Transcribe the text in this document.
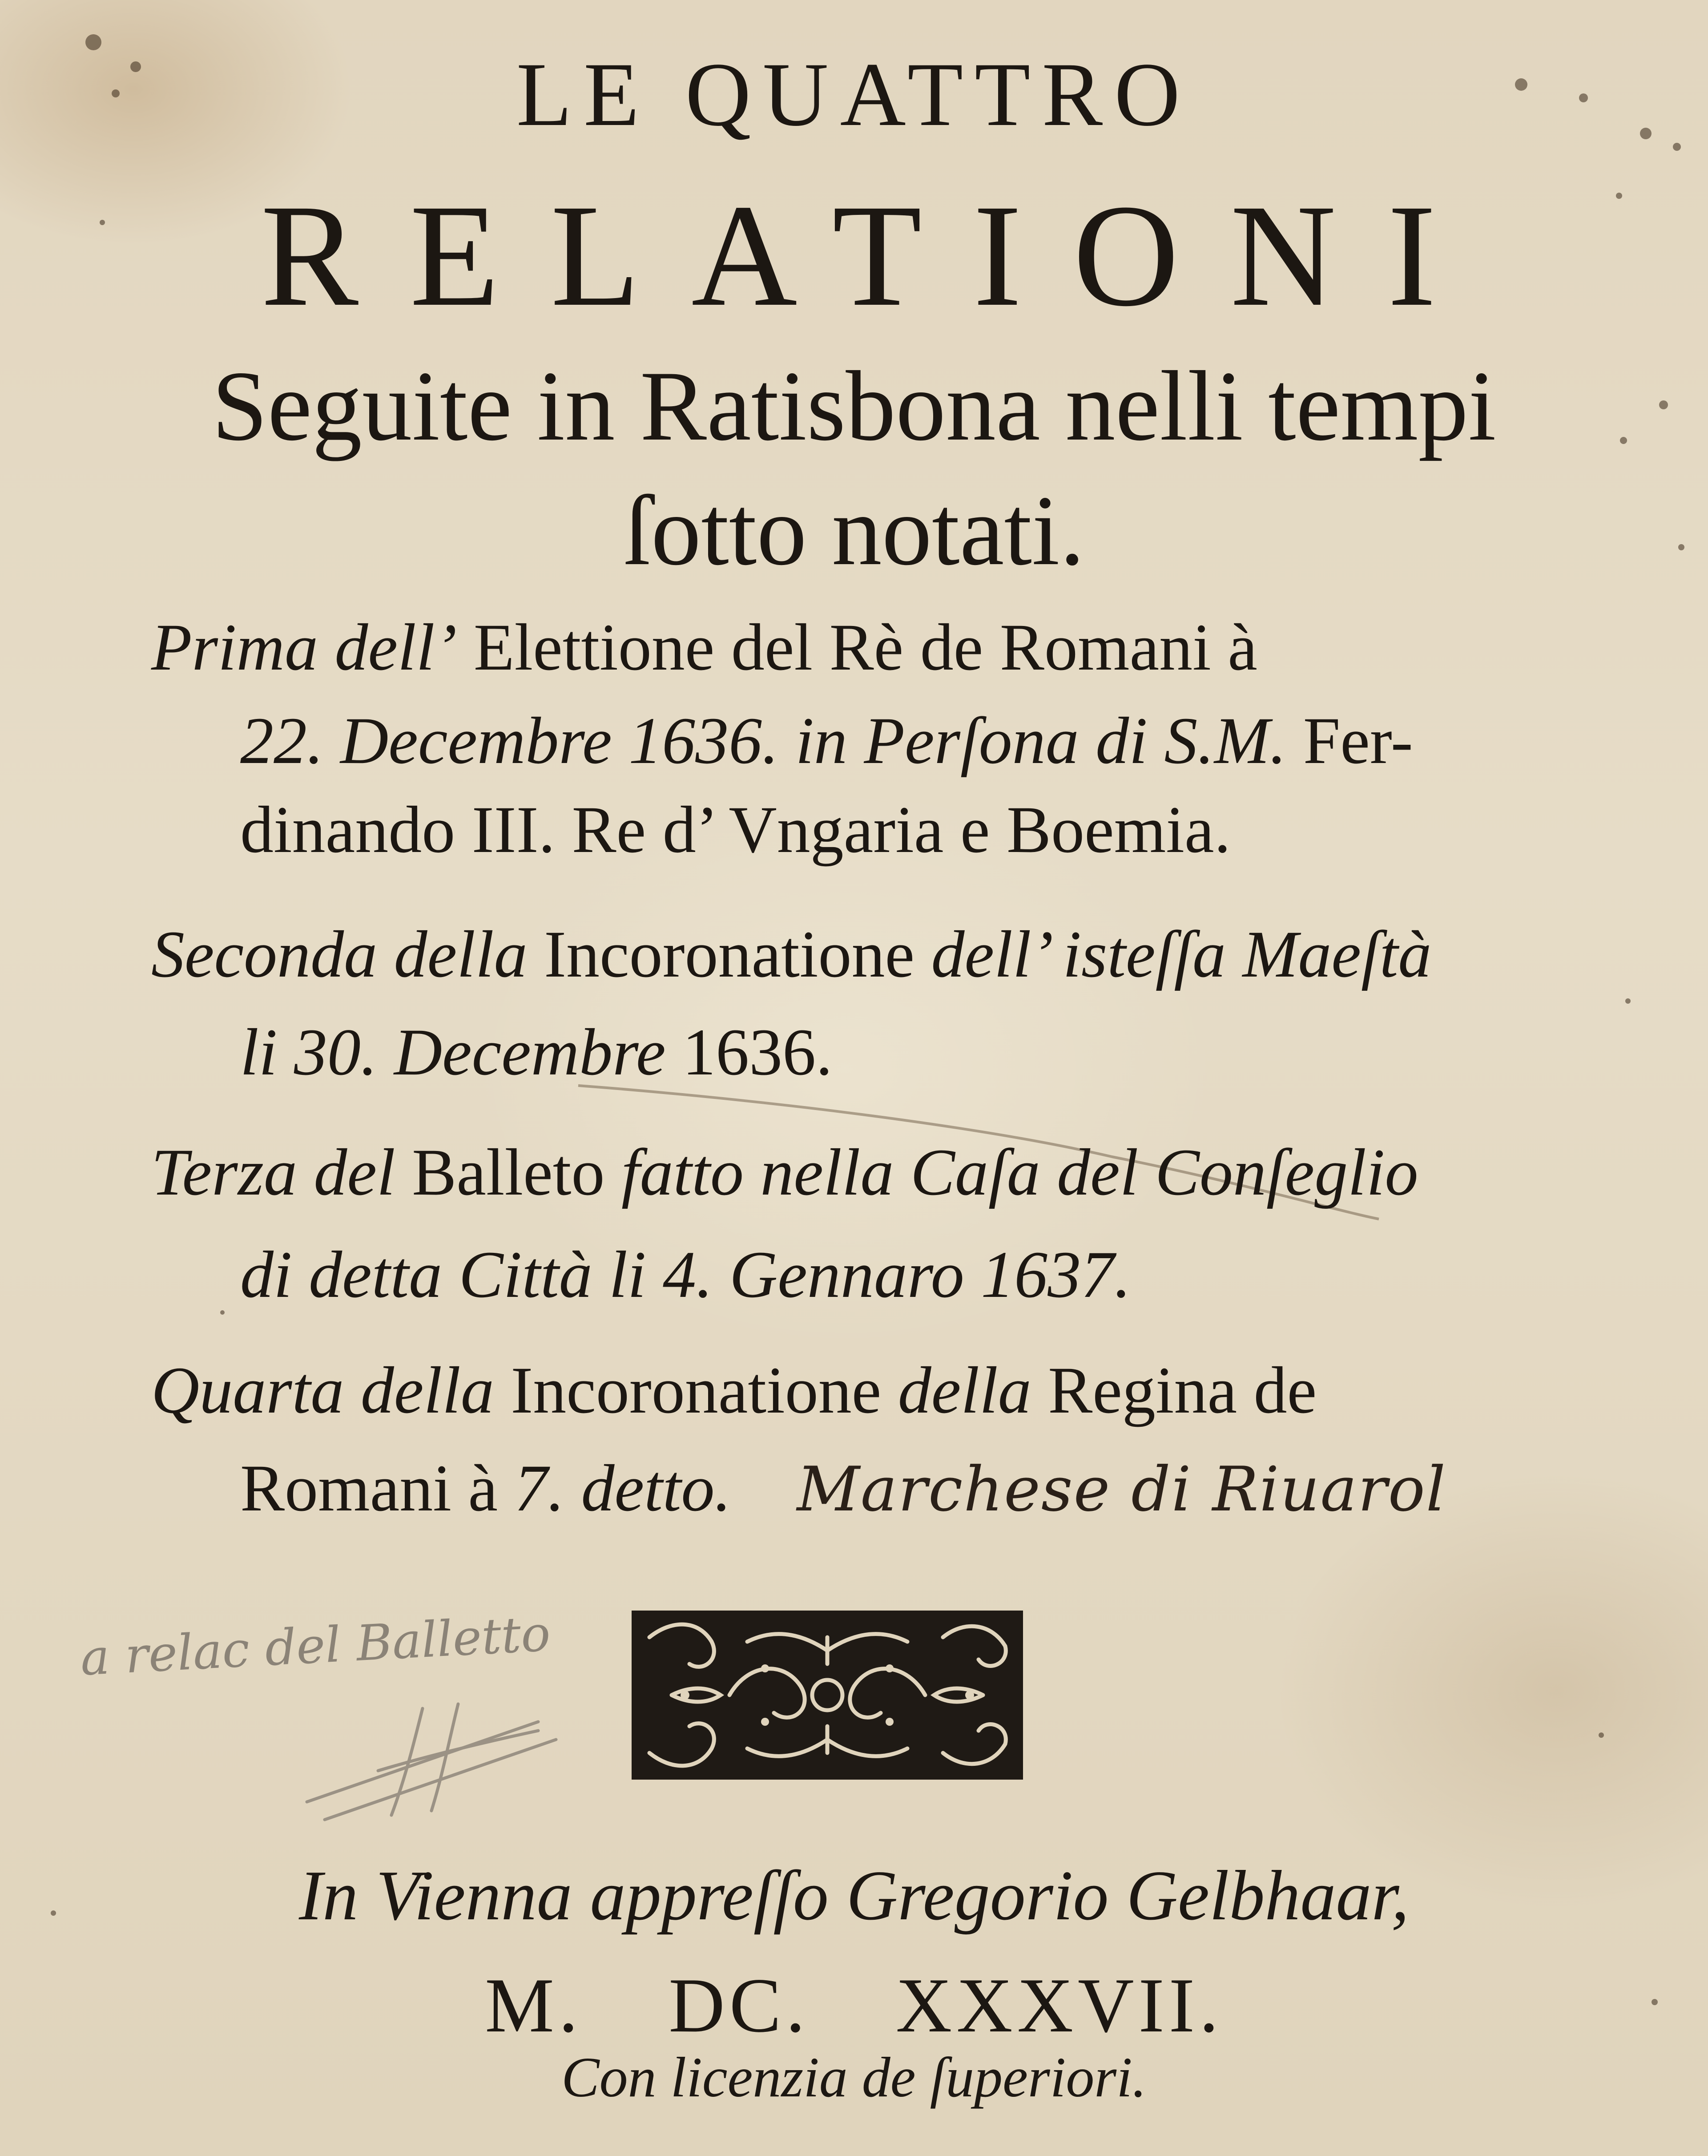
LE QUATTRO
RELATIONI
Seguite in Ratisbona nelli tempi
ſotto notati.
Prima dell’ Elettione del Rè de Romani à
22. Decembre 1636. in Perſona di S.M. Fer-
dinando III. Re d’ Vngaria e Boemia.
Seconda della Incoronatione dell’ isteſſa Maeſtà
li 30. Decembre 1636.
Terza del Balleto fatto nella Caſa del Conſeglio
di detta Città li 4. Gennaro 1637.
Quarta della Incoronatione della Regina de
Romani à 7. detto. Marchese di Riuarol
a relac del Balletto
In Vienna appreſſo Gregorio Gelbhaar,
M. DC. XXXVII.
Con licenzia de ſuperiori.
